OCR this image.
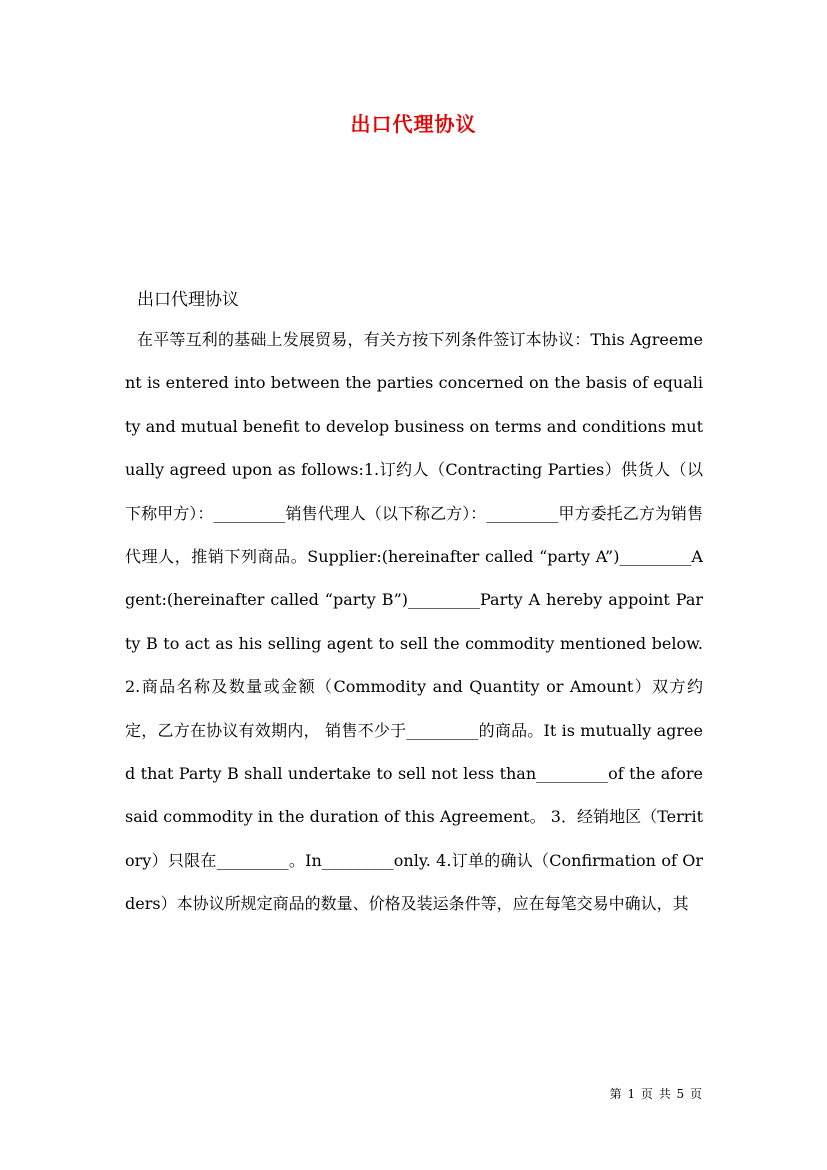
出口代理协议
出口代理协议
在平等互利的基础上发展贸易，有关方按下列条件签订本协议：This Agreement is entered into between the parties concerned on the basis of equality and mutual benefit to develop business on terms and conditions mutually agreed upon as follows:1.订约人（Contracting Parties）供货人（以下称甲方）：_________销售代理人（以下称乙方）：_________甲方委托乙方为销售代理人，推销下列商品。Supplier:(hereinafter called “party A”)_________Agent:(hereinafter called “party B”)_________Party A hereby appoint Party B to act as his selling agent to sell the commodity mentioned below.2.商品名称及数量或金额（Commodity and Quantity or Amount）双方约定，乙方在协议有效期内， 销售不少于_________的商品。It is mutually agreed that Party B shall undertake to sell not less than_________of the aforesaid commodity in the duration of this Agreement。 3．经销地区（Territory）只限在_________。In_________only. 4.订单的确认（Confirmation of Orders）本协议所规定商品的数量、价格及装运条件等，应在每笔交易中确认，其
第 1 页 共 5 页
